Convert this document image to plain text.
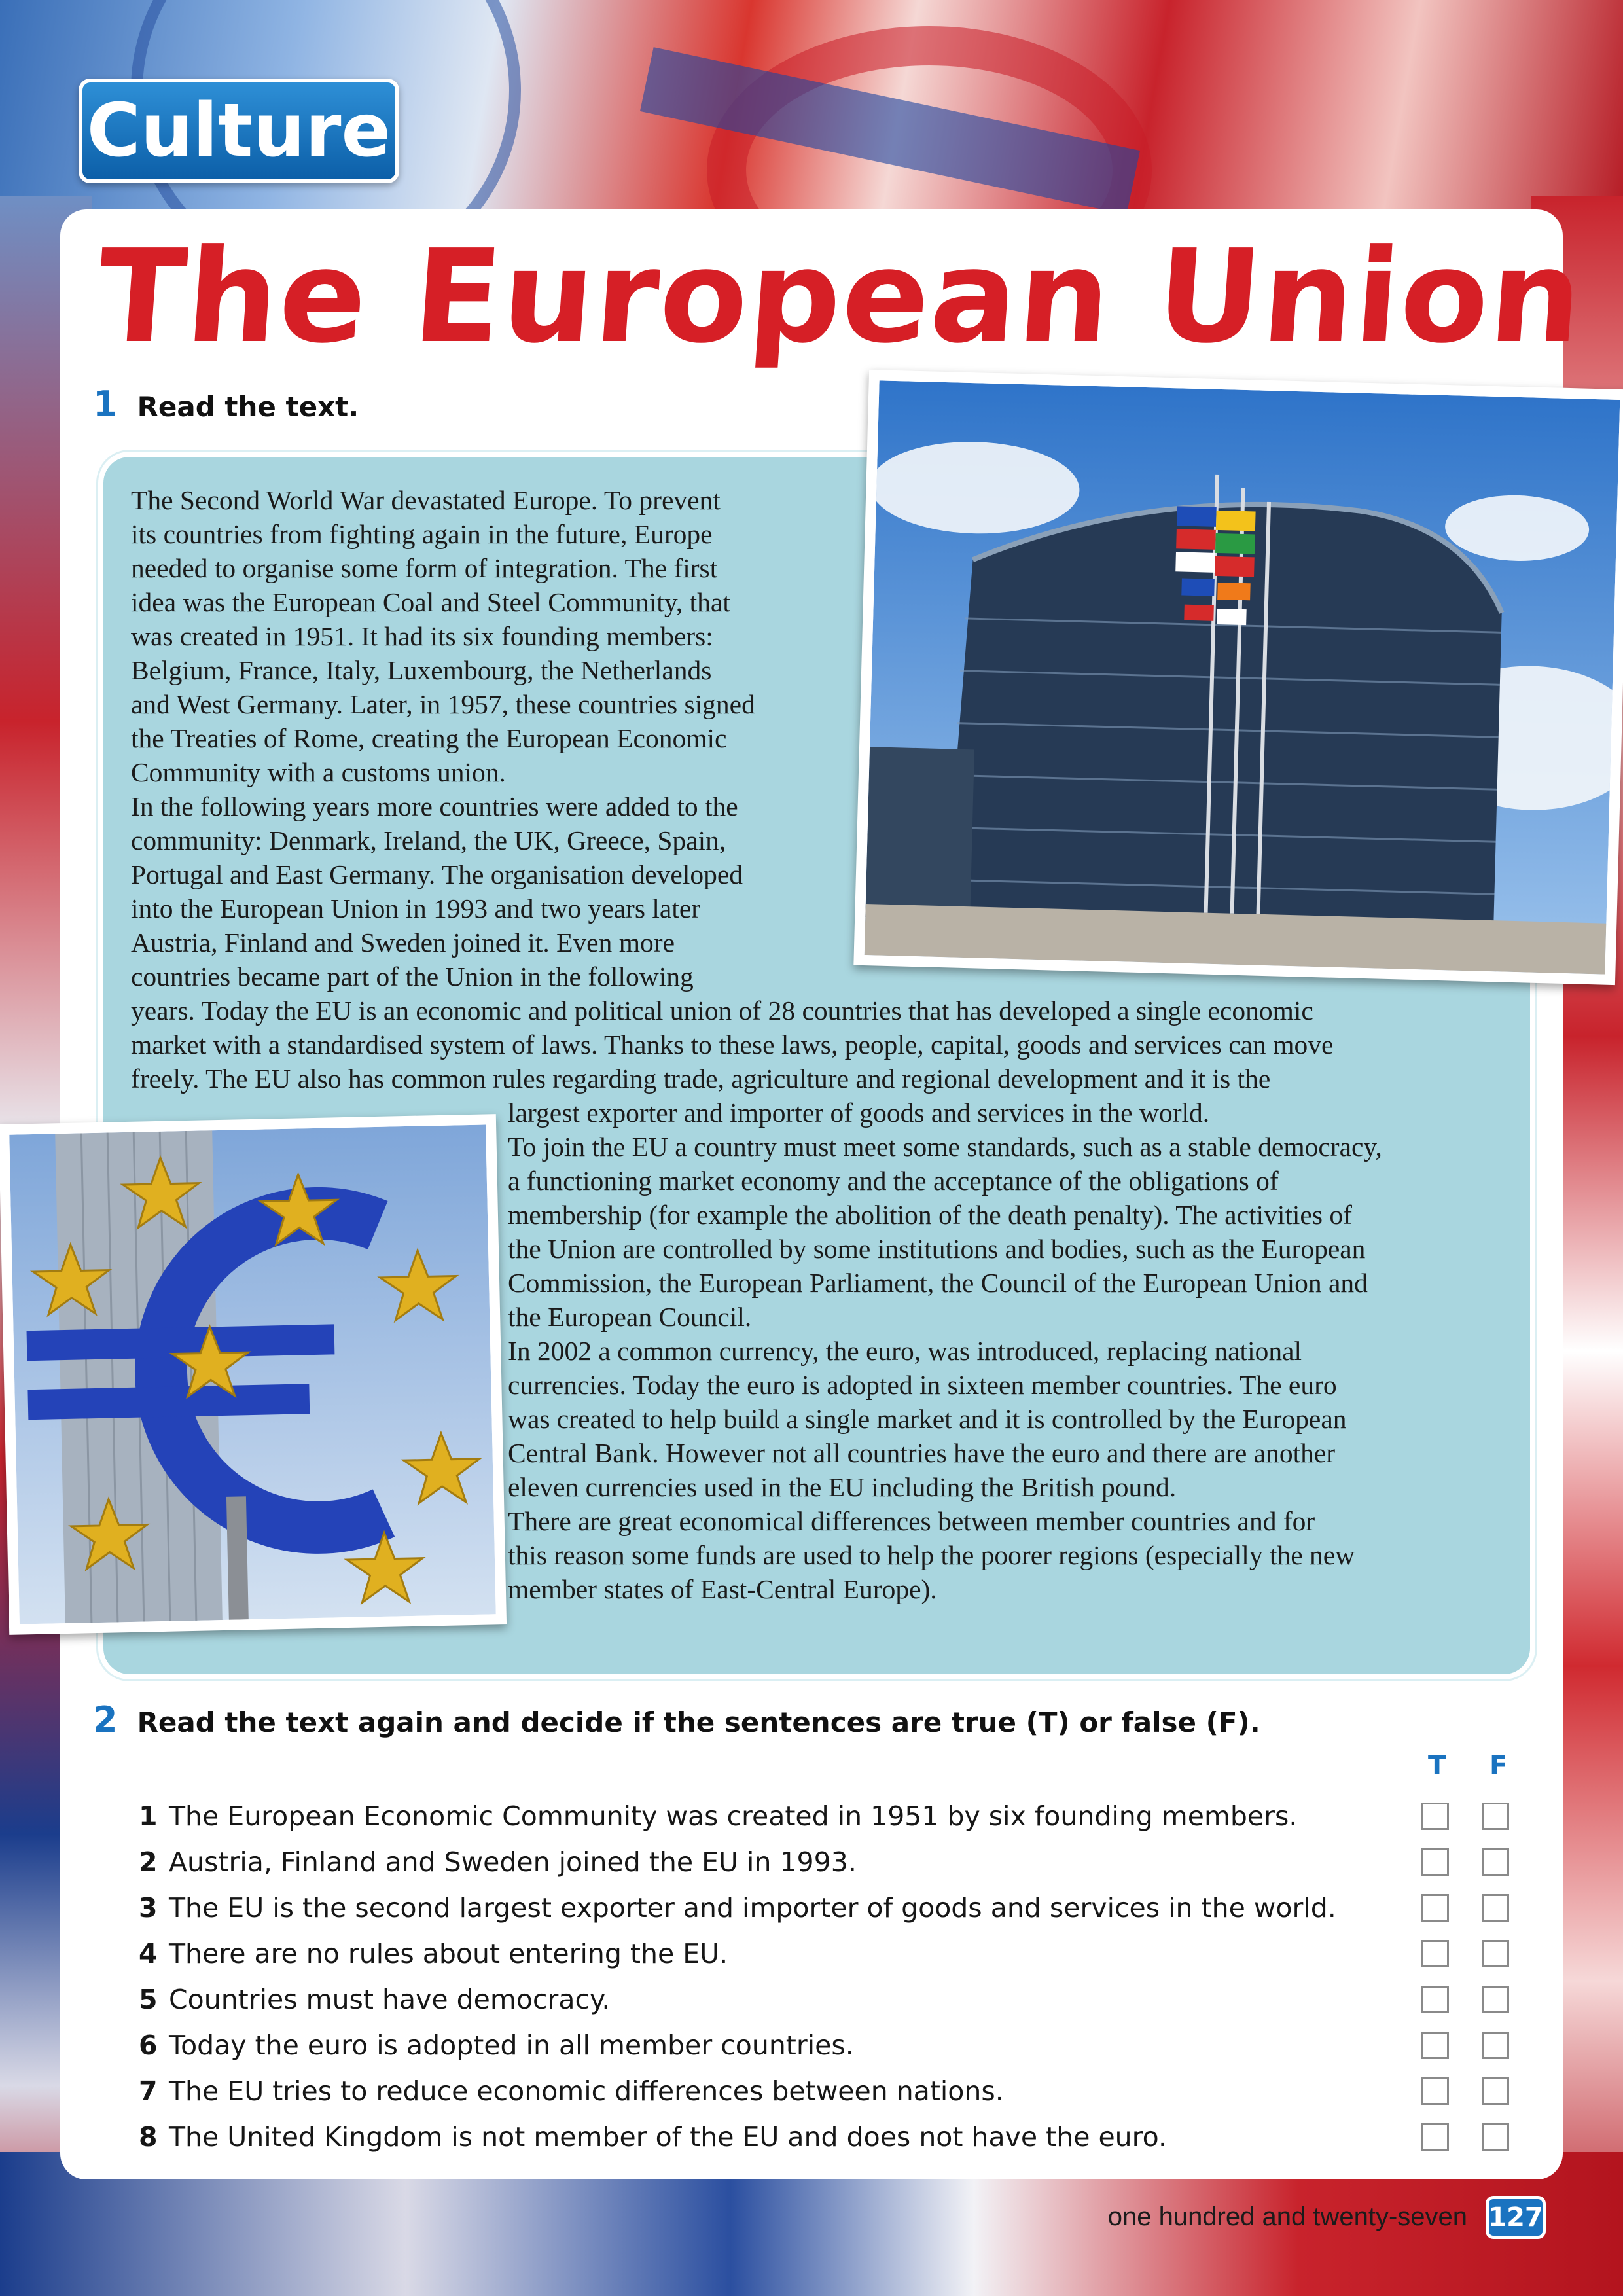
Culture
The European Union
1 Read the text.

The Second World War devastated Europe. To prevent

its countries from fighting again in the future, Europe

needed to organise some form of integration. The first

idea was the European Coal and Steel Community, that

was created in 1951. It had its six founding members:

Belgium, France, Italy, Luxembourg, the Netherlands

and West Germany. Later, in 1957, these countries signed

the Treaties of Rome, creating the European Economic

Community with a customs union.

In the following years more countries were added to the

community: Denmark, Ireland, the UK, Greece, Spain,

Portugal and East Germany. The organisation developed

into the European Union in 1993 and two years later

Austria, Finland and Sweden joined it. Even more

countries became part of the Union in the following

years. Today the EU is an economic and political union of 28 countries that has developed a single economic

market with a standardised system of laws. Thanks to these laws, people, capital, goods and services can move

freely. The EU also has common rules regarding trade, agriculture and regional development and it is the

largest exporter and importer of goods and services in the world.

To join the EU a country must meet some standards, such as a stable democracy,

a functioning market economy and the acceptance of the obligations of

membership (for example the abolition of the death penalty). The activities of

the Union are controlled by some institutions and bodies, such as the European

Commission, the European Parliament, the Council of the European Union and

the European Council.

In 2002 a common currency, the euro, was introduced, replacing national

currencies. Today the euro is adopted in sixteen member countries. The euro

was created to help build a single market and it is controlled by the European

Central Bank. However not all countries have the euro and there are another

eleven currencies used in the EU including the British pound.

There are great economical differences between member countries and for

this reason some funds are used to help the poorer regions (especially the new

member states of East-Central Europe).

2 Read the text again and decide if the sentences are true (T) or false (F).
T F
1 The European Economic Community was created in 1951 by six founding members.
2 Austria, Finland and Sweden joined the EU in 1993.
3 The EU is the second largest exporter and importer of goods and services in the world.
4 There are no rules about entering the EU.
5 Countries must have democracy.
6 Today the euro is adopted in all member countries.
7 The EU tries to reduce economic differences between nations.
8 The United Kingdom is not member of the EU and does not have the euro.
one hundred and twenty-seven 127
